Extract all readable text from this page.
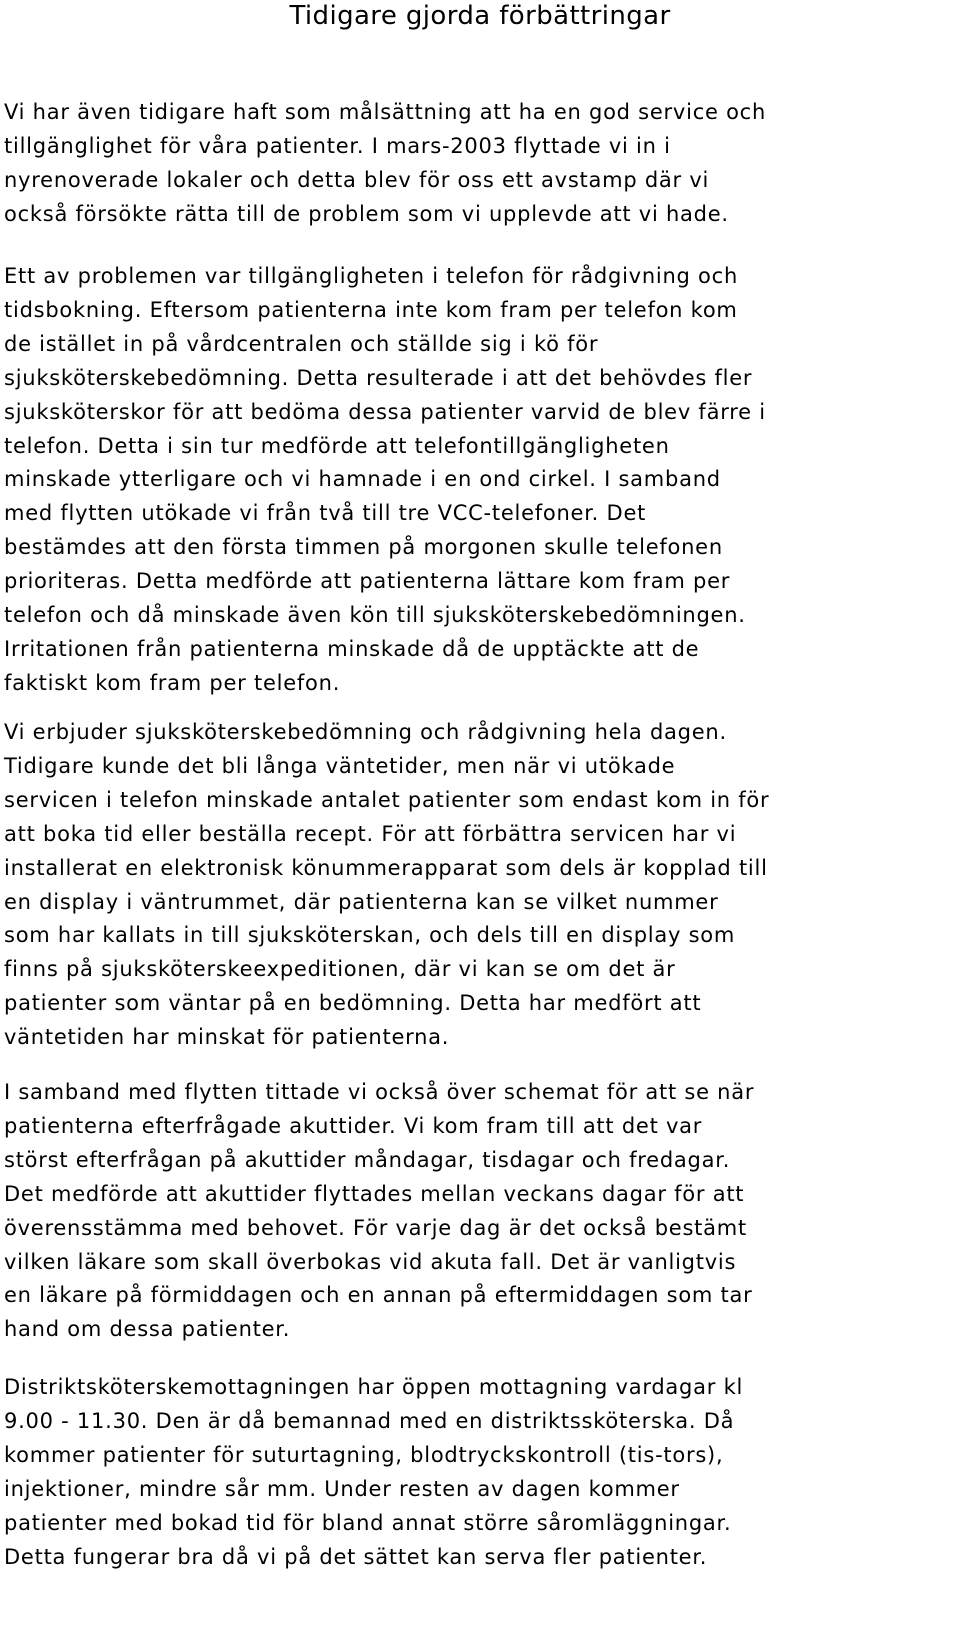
Tidigare gjorda förbättringar

Vi har även tidigare haft som målsättning att ha en god service och
tillgänglighet för våra patienter. I mars-2003 flyttade vi in i
nyrenoverade lokaler och detta blev för oss ett avstamp där vi
också försökte rätta till de problem som vi upplevde att vi hade.

Ett av problemen var tillgängligheten i telefon för rådgivning och
tidsbokning. Eftersom patienterna inte kom fram per telefon kom
de istället in på vårdcentralen och ställde sig i kö för
sjuksköterskebedömning. Detta resulterade i att det behövdes fler
sjuksköterskor för att bedöma dessa patienter varvid de blev färre i
telefon. Detta i sin tur medförde att telefontillgängligheten
minskade ytterligare och vi hamnade i en ond cirkel. I samband
med flytten utökade vi från två till tre VCC-telefoner. Det
bestämdes att den första timmen på morgonen skulle telefonen
prioriteras. Detta medförde att patienterna lättare kom fram per
telefon och då minskade även kön till sjuksköterskebedömningen.
Irritationen från patienterna minskade då de upptäckte att de
faktiskt kom fram per telefon.

Vi erbjuder sjuksköterskebedömning och rådgivning hela dagen.
Tidigare kunde det bli långa väntetider, men när vi utökade
servicen i telefon minskade antalet patienter som endast kom in för
att boka tid eller beställa recept. För att förbättra servicen har vi
installerat en elektronisk könummerapparat som dels är kopplad till
en display i väntrummet, där patienterna kan se vilket nummer
som har kallats in till sjuksköterskan, och dels till en display som
finns på sjuksköterskeexpeditionen, där vi kan se om det är
patienter som väntar på en bedömning. Detta har medfört att
väntetiden har minskat för patienterna.

I samband med flytten tittade vi också över schemat för att se när
patienterna efterfrågade akuttider. Vi kom fram till att det var
störst efterfrågan på akuttider måndagar, tisdagar och fredagar.
Det medförde att akuttider flyttades mellan veckans dagar för att
överensstämma med behovet. För varje dag är det också bestämt
vilken läkare som skall överbokas vid akuta fall. Det är vanligtvis
en läkare på förmiddagen och en annan på eftermiddagen som tar
hand om dessa patienter.

Distriktsköterskemottagningen har öppen mottagning vardagar kl
9.00 - 11.30. Den är då bemannad med en distriktssköterska. Då
kommer patienter för suturtagning, blodtryckskontroll (tis-tors),
injektioner, mindre sår mm. Under resten av dagen kommer
patienter med bokad tid för bland annat större såromläggningar.
Detta fungerar bra då vi på det sättet kan serva fler patienter.
